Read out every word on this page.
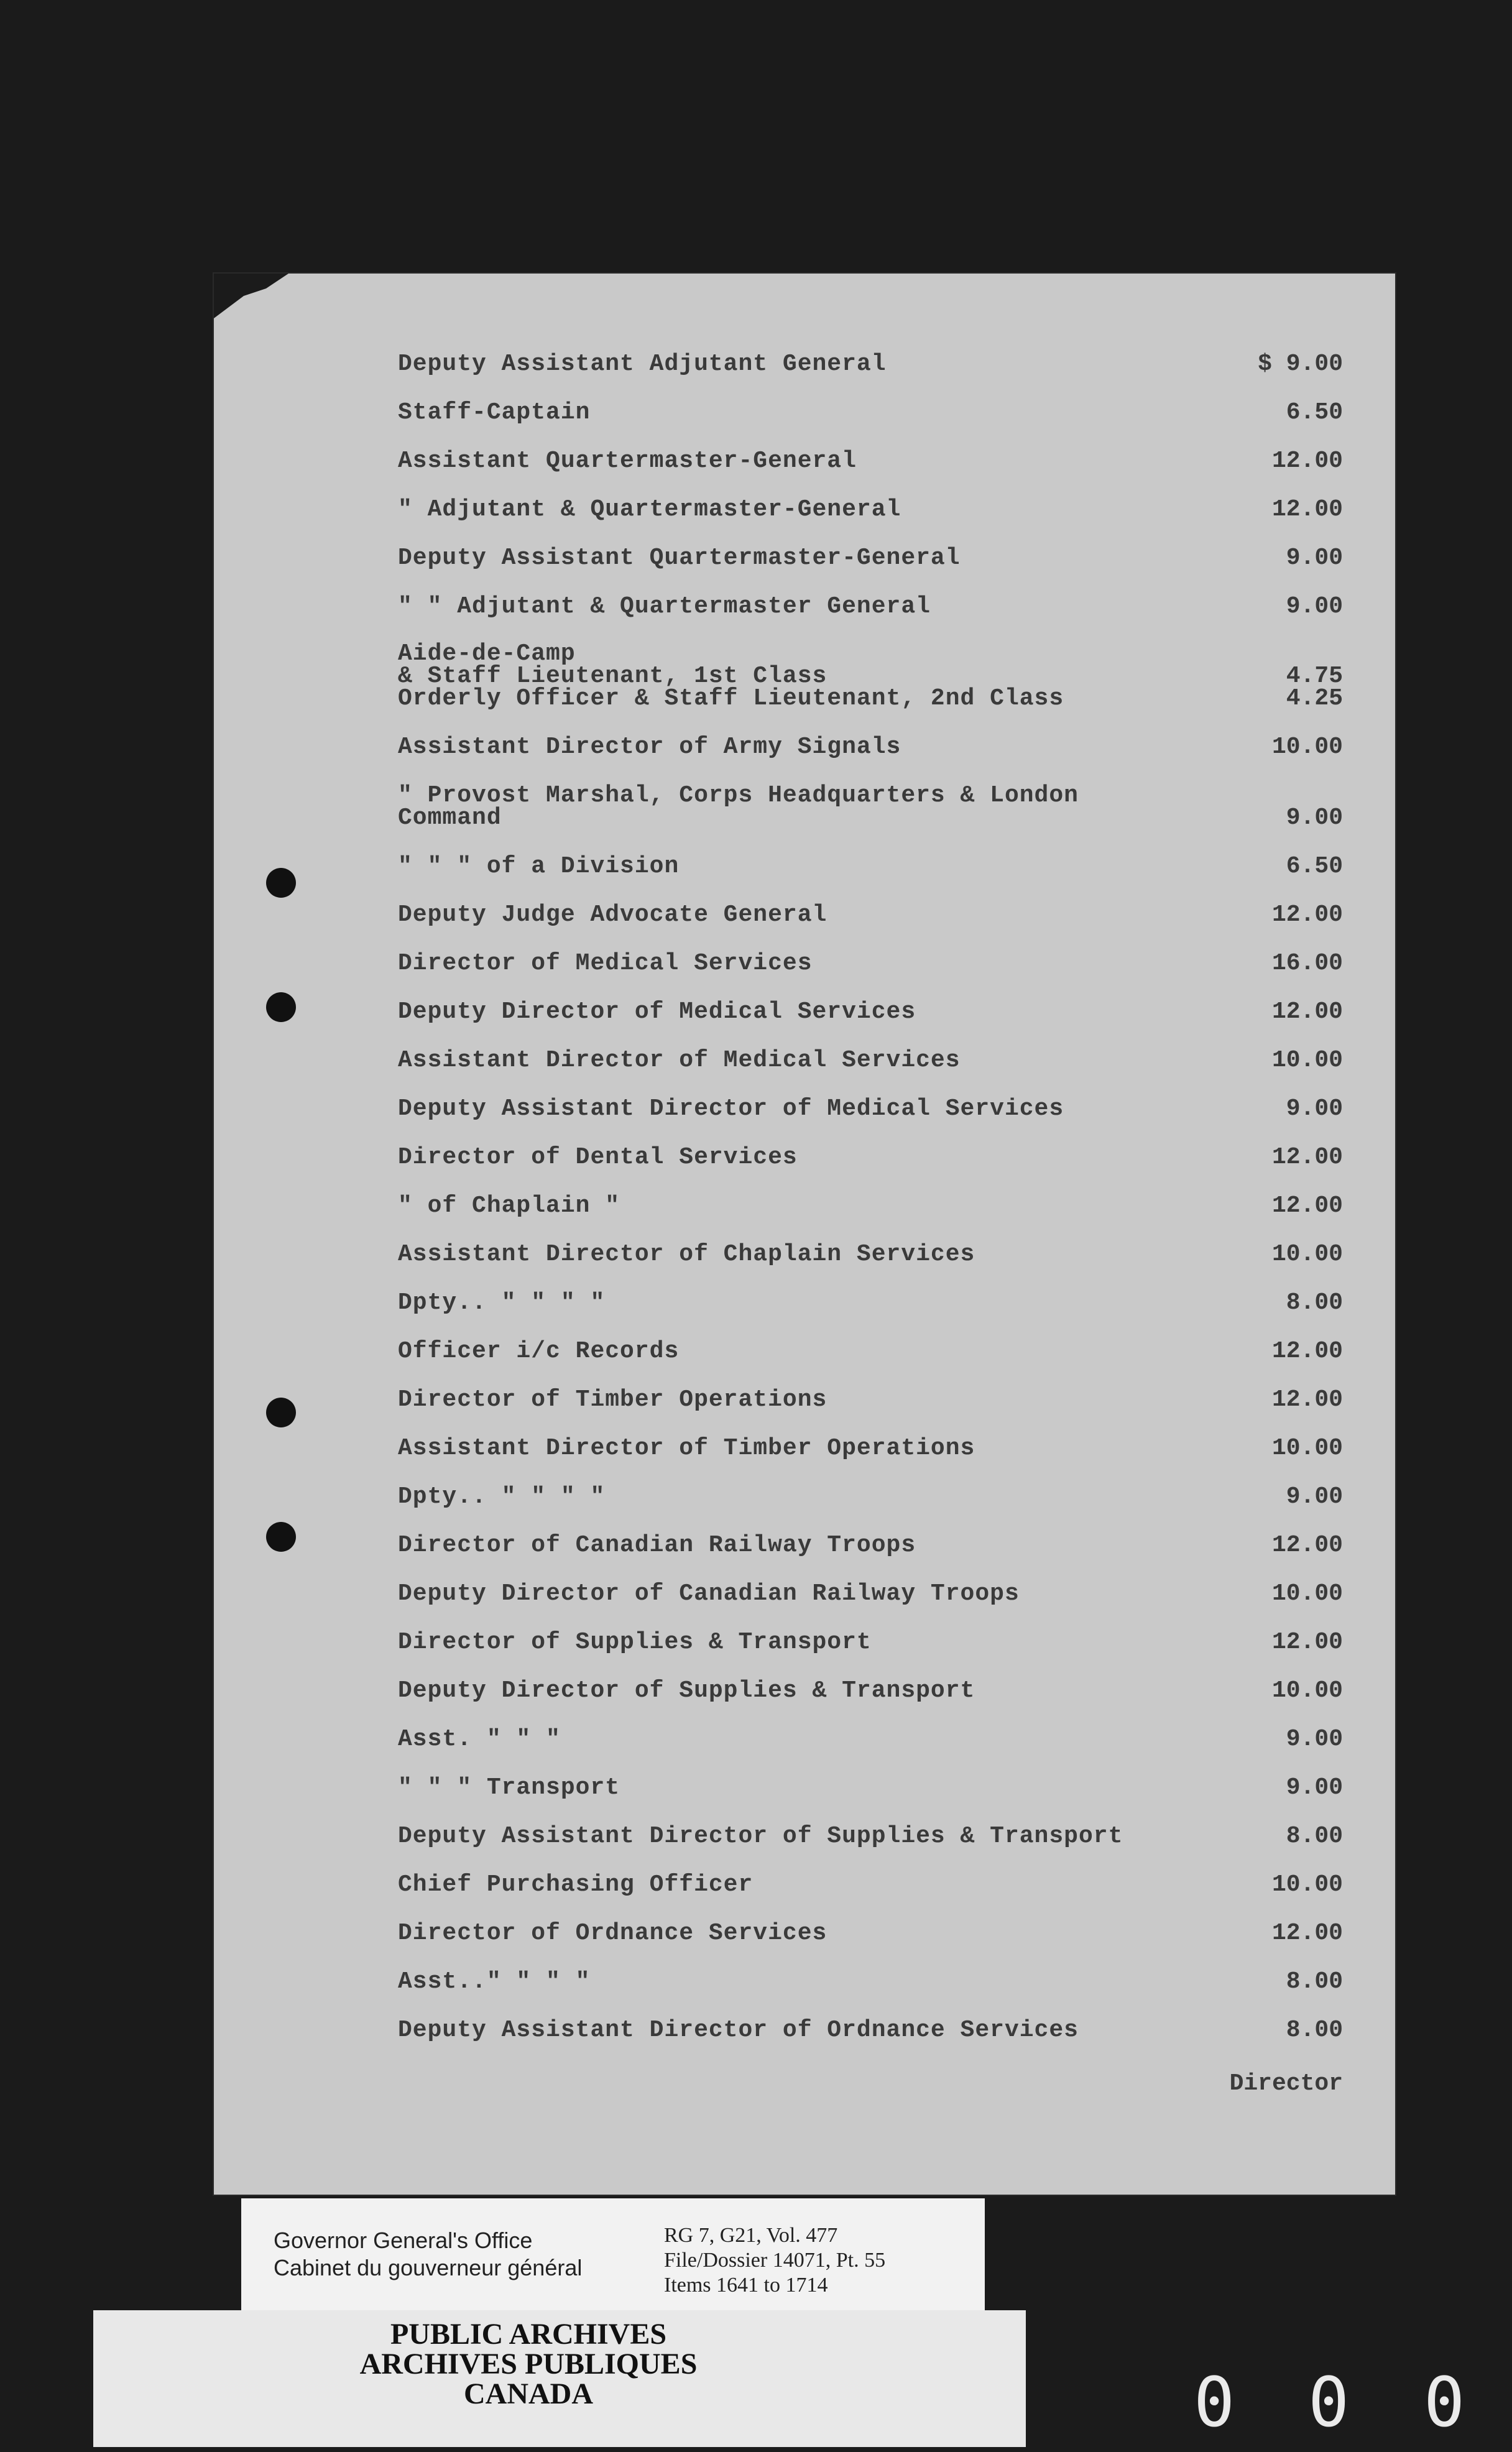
Deputy Assistant Adjutant General	$ 9.00
Staff-Captain	6.50
Assistant Quartermaster-General	12.00
" Adjutant & Quartermaster-General	12.00
Deputy Assistant Quartermaster-General	9.00
" " Adjutant & Quartermaster General	9.00
Aide-de-Camp
& Staff Lieutenant, 1st Class	4.75
Orderly Officer & Staff Lieutenant, 2nd Class	4.25
Assistant Director of Army Signals	10.00
" Provost Marshal, Corps Headquarters & London
Command	9.00
" " " of a Division	6.50
Deputy Judge Advocate General	12.00
Director of Medical Services	16.00
Deputy Director of Medical Services	12.00
Assistant Director of Medical Services	10.00
Deputy Assistant Director of Medical Services	9.00
Director of Dental Services	12.00
" of Chaplain "	12.00
Assistant Director of Chaplain Services	10.00
Dpty.. " " " "	8.00
Officer i/c Records	12.00
Director of Timber Operations	12.00
Assistant Director of Timber Operations	10.00
Dpty.. " " " "	9.00
Director of Canadian Railway Troops	12.00
Deputy Director of Canadian Railway Troops	10.00
Director of Supplies & Transport	12.00
Deputy Director of Supplies & Transport	10.00
Asst. " " "	9.00
" " " Transport	9.00
Deputy Assistant Director of Supplies & Transport	8.00
Chief Purchasing Officer	10.00
Director of Ordnance Services	12.00
Asst.." " " "	8.00
Deputy Assistant Director of Ordnance Services	8.00
Director
Governor General's Office
Cabinet du gouverneur général
RG 7, G21, Vol. 477
File/Dossier 14071, Pt. 55
Items 1641 to 1714
PUBLIC ARCHIVES
ARCHIVES PUBLIQUES
CANADA	0 0 0
